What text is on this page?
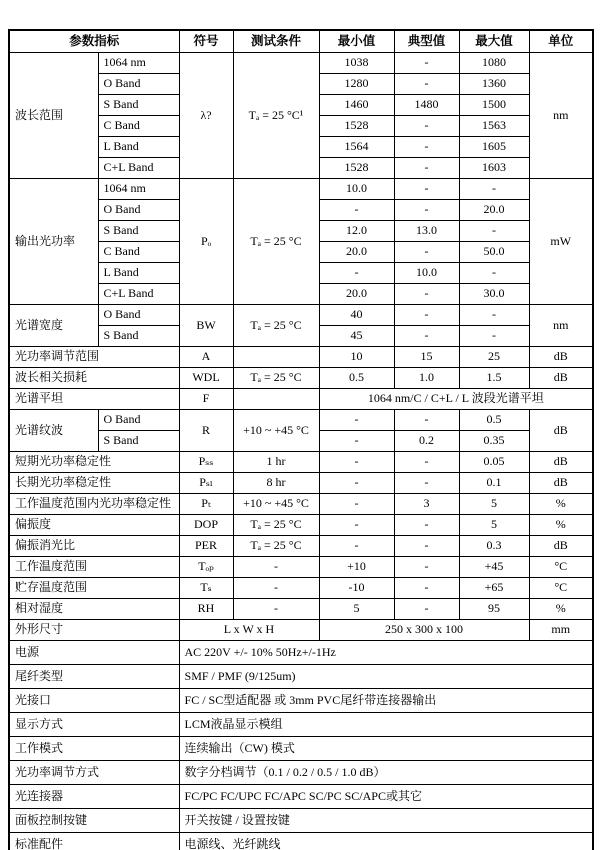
参数指标		符号	测试条件	最小值	典型值	最大值	单位
波长范围	1064 nm	λ?	Tₐ = 25 °C¹	1038	-	1080	nm
	O Band			1280	-	1360	
	S Band			1460	1480	1500	
	C Band			1528	-	1563	
	L Band			1564	-	1605	
	C+L Band			1528	-	1603	
输出光功率	1064 nm	Pₒ	Tₐ = 25 °C	10.0	-	-	mW
	O Band			-	-	20.0	
	S Band			12.0	13.0	-	
	C Band			20.0	-	50.0	
	L Band			-	10.0	-	
	C+L Band			20.0	-	30.0	
光谱宽度	O Band	BW	Tₐ = 25 °C	40	-	-	nm
	S Band			45	-	-	
光功率调节范围		A		10	15	25	dB
波长相关损耗		WDL	Tₐ = 25 °C	0.5	1.0	1.5	dB
光谱平坦		F		1064 nm/C / C+L / L 波段光谱平坦			
光谱纹波	O Band	R	+10 ~ +45 °C	-	-	0.5	dB
	S Band			-	0.2	0.35	
短期光功率稳定性		Pₛₛ	1 hr	-	-	0.05	dB
长期光功率稳定性		Pₛₗ	8 hr	-	-	0.1	dB
工作温度范围内光功率稳定性		Pₜ	+10 ~ +45 °C	-	3	5	%
偏振度		DOP	Tₐ = 25 °C	-	-	5	%
偏振消光比		PER	Tₐ = 25 °C	-	-	0.3	dB
工作温度范围		Tₒₚ	-	+10	-	+45	°C
贮存温度范围		Tₛ	-	-10	-	+65	°C
相对湿度		RH	-	5	-	95	%
外形尺寸		L x W x H		250 x 300 x 100			mm
电源		AC 220V +/- 10% 50Hz+/-1Hz					
尾纤类型		SMF / PMF (9/125um)					
光接口		FC / SC型适配器 或 3mm PVC尾纤带连接器输出					
显示方式		LCM液晶显示模组					
工作模式		连续输出（CW) 模式					
光功率调节方式		数字分档调节（0.1 / 0.2 / 0.5 / 1.0 dB）					
光连接器		FC/PC FC/UPC FC/APC SC/PC SC/APC或其它					
面板控制按键		开关按键 / 设置按键					
标准配件		电源线、光纤跳线					
